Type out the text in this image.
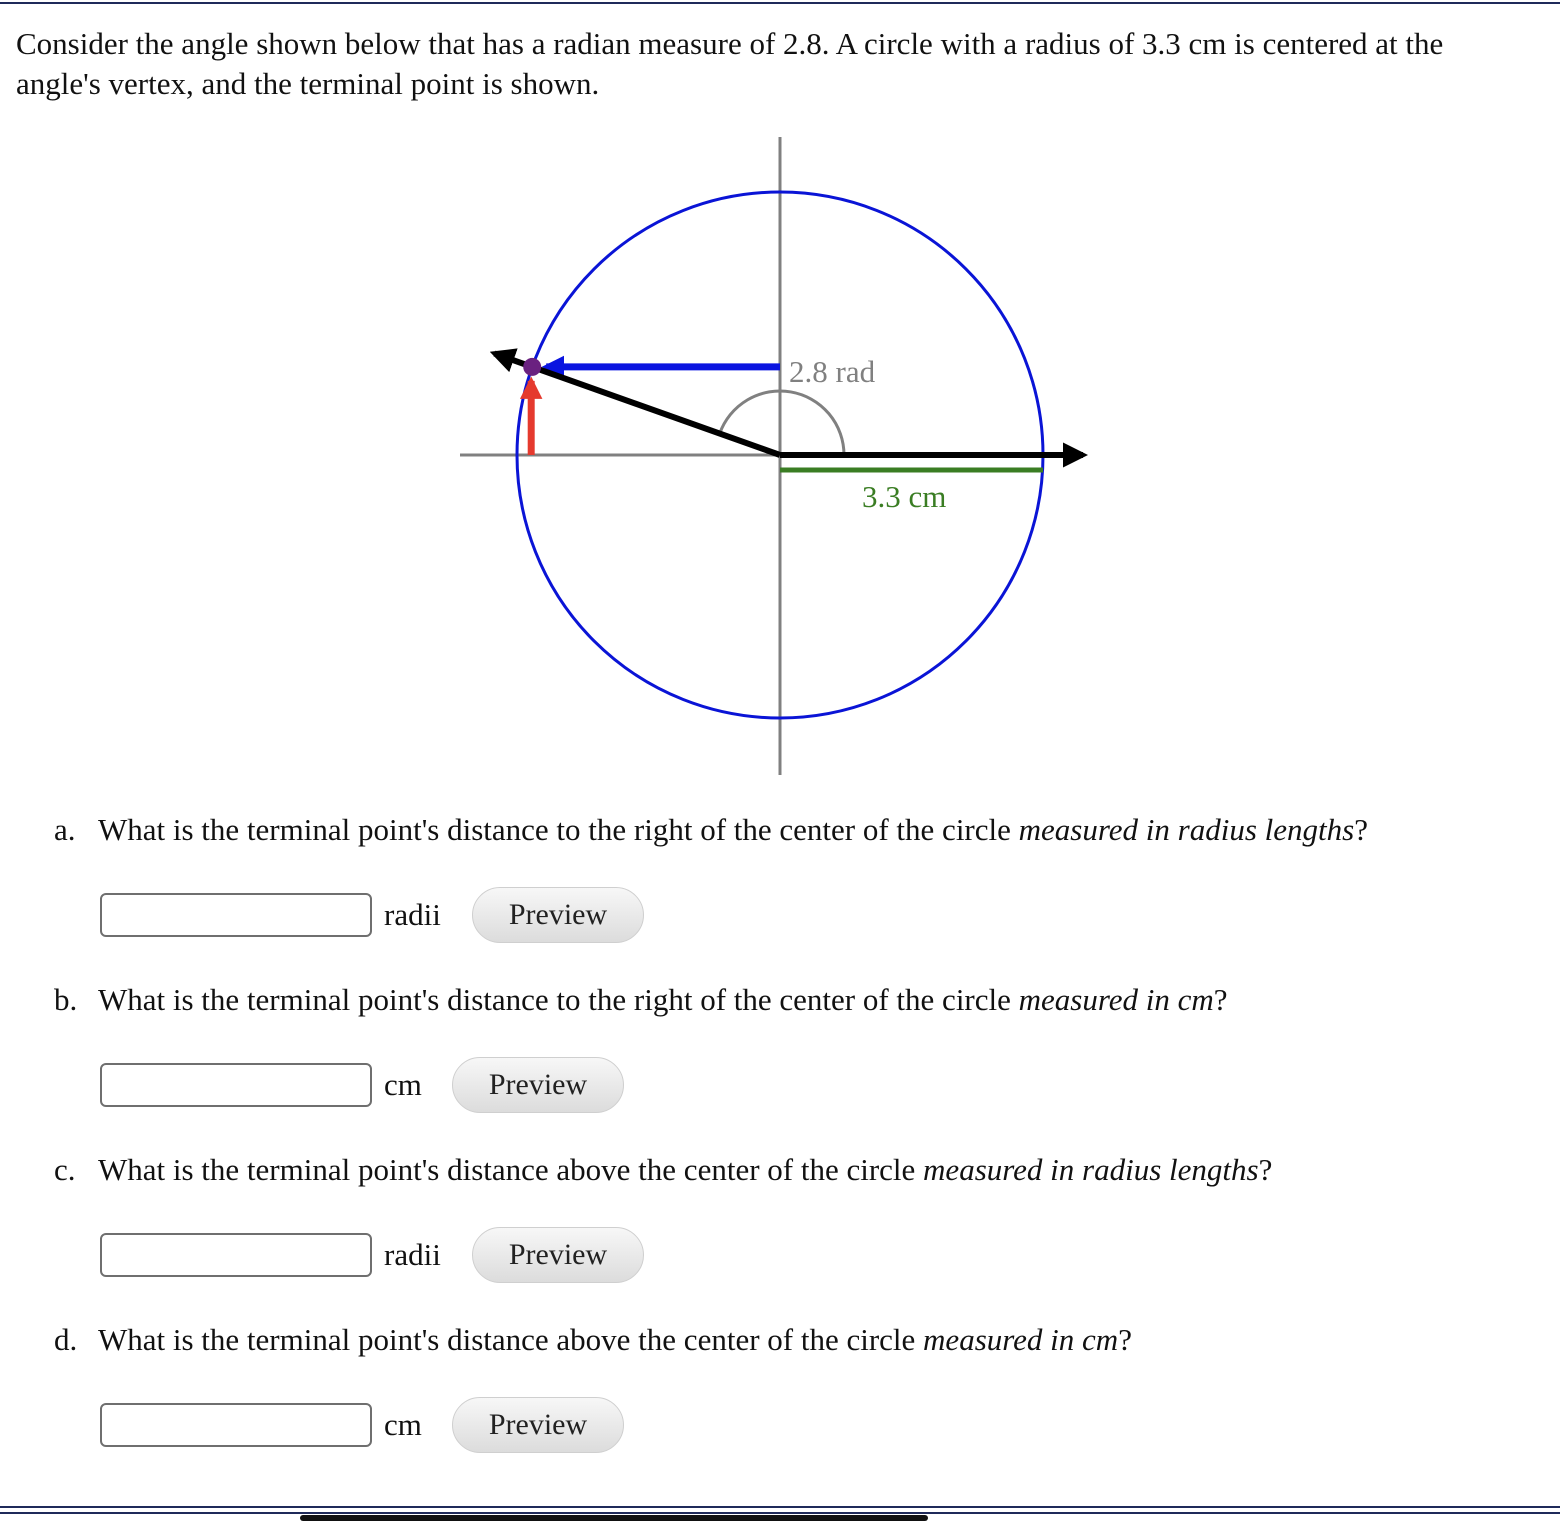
Consider the angle shown below that has a radian measure of 2.8. A circle with a radius of 3.3 cm is centered at the
angle's vertex, and the terminal point is shown.

2.8 rad
3.3 cm

a. What is the terminal point's distance to the right of the center of the circle measured in radius lengths?

radii	Preview

b. What is the terminal point's distance to the right of the center of the circle measured in cm?

cm	Preview

c. What is the terminal point's distance above the center of the circle measured in radius lengths?

radii	Preview

d. What is the terminal point's distance above the center of the circle measured in cm?

cm	Preview
